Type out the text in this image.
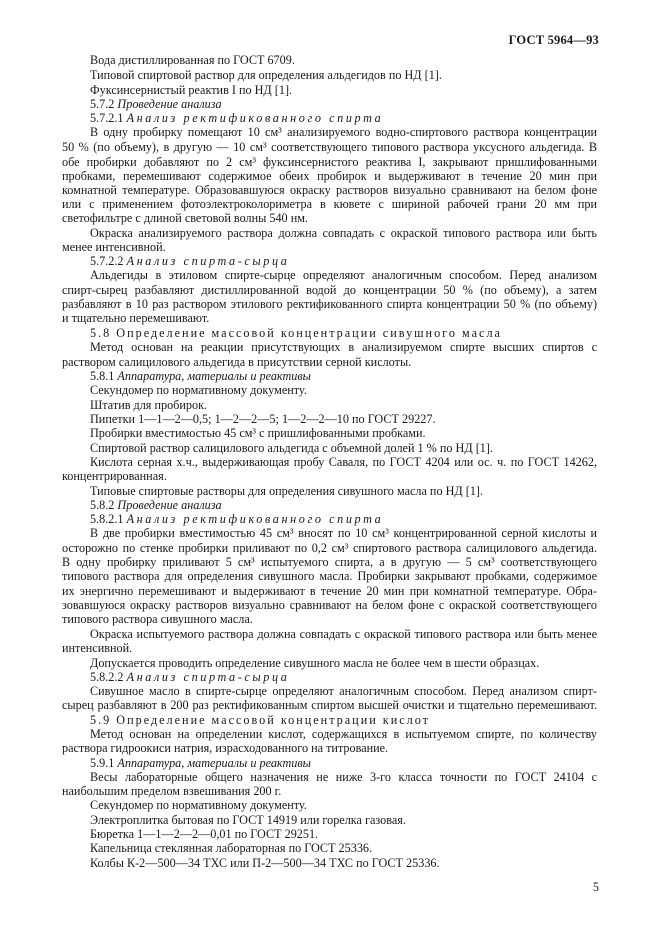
ГОСТ 5964—93
Вода дистиллированная по ГОСТ 6709.
Типовой спиртовой раствор для определения альдегидов по НД [1].
Фуксинсернистый реактив I по НД [1].
5.7.2 Проведение анализа
5.7.2.1 Анализ ректификованного спирта
В одну пробирку помещают 10 см³ анализируемого водно-спиртового раствора концентрации
50 % (по объему), в другую — 10 см³ соответствующего типового раствора уксусного альдегида. В
обе пробирки добавляют по 2 см³ фуксинсернистого реактива I, закрывают пришлифованными
пробками, перемешивают содержимое обеих пробирок и выдерживают в течение 20 мин при
комнатной температуре. Образовавшуюся окраску растворов визуально сравнивают на белом фоне
или с применением фотоэлектроколориметра в кювете с шириной рабочей грани 20 мм при
светофильтре с длиной световой волны 540 нм.
Окраска анализируемого раствора должна совпадать с окраской типового раствора или быть
менее интенсивной.
5.7.2.2 Анализ спирта-сырца
Альдегиды в этиловом спирте-сырце определяют аналогичным способом. Перед анализом
спирт-сырец разбавляют дистиллированной водой до концентрации 50 % (по объему), а затем
разбавляют в 10 раз раствором этилового ректификованного спирта концентрации 50 % (по объему)
и тщательно перемешивают.
5.8 Определение массовой концентрации сивушного масла
Метод основан на реакции присутствующих в анализируемом спирте высших спиртов с
раствором салицилового альдегида в присутствии серной кислоты.
5.8.1 Аппаратура, материалы и реактивы
Секундомер по нормативному документу.
Штатив для пробирок.
Пипетки 1—1—2—0,5; 1—2—2—5; 1—2—2—10 по ГОСТ 29227.
Пробирки вместимостью 45 см³ с пришлифованными пробками.
Спиртовой раствор салицилового альдегида с объемной долей 1 % по НД [1].
Кислота серная х.ч., выдерживающая пробу Саваля, по ГОСТ 4204 или ос. ч. по ГОСТ 14262,
концентрированная.
Типовые спиртовые растворы для определения сивушного масла по НД [1].
5.8.2 Проведение анализа
5.8.2.1 Анализ ректификованного спирта
В две пробирки вместимостью 45 см³ вносят по 10 см³ концентрированной серной кислоты и
осторожно по стенке пробирки приливают по 0,2 см³ спиртового раствора салицилового альдегида.
В одну пробирку приливают 5 см³ испытуемого спирта, а в другую — 5 см³ соответствующего
типового раствора для определения сивушного масла. Пробирки закрывают пробками, содержимое
их энергично перемешивают и выдерживают в течение 20 мин при комнатной температуре. Обра-
зовавшуюся окраску растворов визуально сравнивают на белом фоне с окраской соответствующего
типового раствора сивушного масла.
Окраска испытуемого раствора должна совпадать с окраской типового раствора или быть менее
интенсивной.
Допускается проводить определение сивушного масла не более чем в шести образцах.
5.8.2.2 Анализ спирта-сырца
Сивушное масло в спирте-сырце определяют аналогичным способом. Перед анализом спирт-
сырец разбавляют в 200 раз ректификованным спиртом высшей очистки и тщательно перемешивают.
5.9 Определение массовой концентрации кислот
Метод основан на определении кислот, содержащихся в испытуемом спирте, по количеству
раствора гидроокиси натрия, израсходованного на титрование.
5.9.1 Аппаратура, материалы и реактивы
Весы лабораторные общего назначения не ниже 3-го класса точности по ГОСТ 24104 с
наибольшим пределом взвешивания 200 г.
Секундомер по нормативному документу.
Электроплитка бытовая по ГОСТ 14919 или горелка газовая.
Бюретка 1—1—2—2—0,01 по ГОСТ 29251.
Капельница стеклянная лабораторная по ГОСТ 25336.
Колбы К-2—500—34 ТХС или П-2—500—34 ТХС по ГОСТ 25336.
5
